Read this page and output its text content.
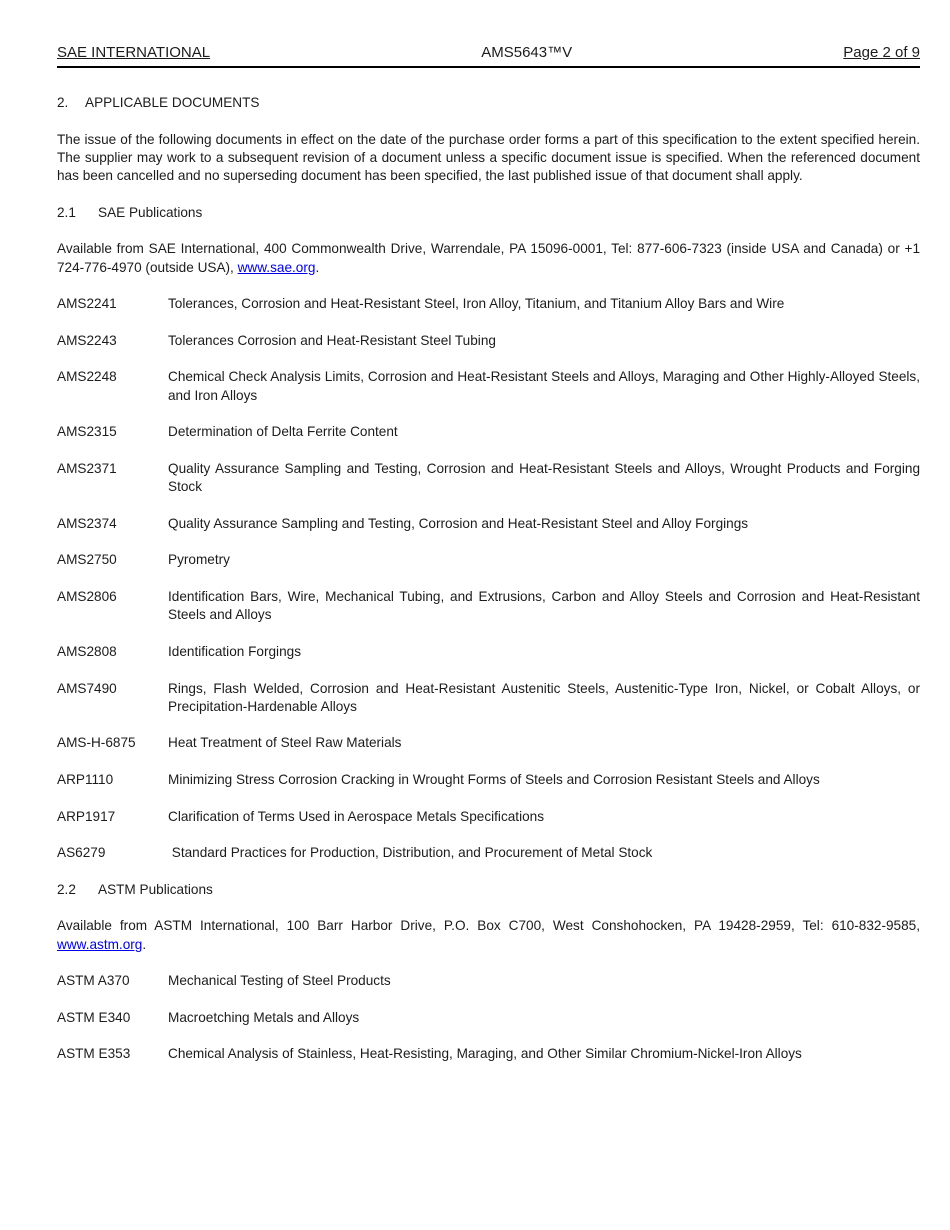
SAE INTERNATIONAL	AMS5643™V	Page 2 of 9
2.	APPLICABLE DOCUMENTS

The issue of the following documents in effect on the date of the purchase order forms a part of this specification to the extent specified herein. The supplier may work to a subsequent revision of a document unless a specific document issue is specified. When the referenced document has been cancelled and no superseding document has been specified, the last published issue of that document shall apply.

2.1	SAE Publications

Available from SAE International, 400 Commonwealth Drive, Warrendale, PA 15096-0001, Tel: 877-606-7323 (inside USA and Canada) or +1 724-776-4970 (outside USA), www.sae.org.

AMS2241	Tolerances, Corrosion and Heat-Resistant Steel, Iron Alloy, Titanium, and Titanium Alloy Bars and Wire
AMS2243	Tolerances Corrosion and Heat-Resistant Steel Tubing
AMS2248	Chemical Check Analysis Limits, Corrosion and Heat-Resistant Steels and Alloys, Maraging and Other Highly-Alloyed Steels, and Iron Alloys
AMS2315	Determination of Delta Ferrite Content
AMS2371	Quality Assurance Sampling and Testing, Corrosion and Heat-Resistant Steels and Alloys, Wrought Products and Forging Stock
AMS2374	Quality Assurance Sampling and Testing, Corrosion and Heat-Resistant Steel and Alloy Forgings
AMS2750	Pyrometry
AMS2806	Identification Bars, Wire, Mechanical Tubing, and Extrusions, Carbon and Alloy Steels and Corrosion and Heat-Resistant Steels and Alloys
AMS2808	Identification Forgings
AMS7490	Rings, Flash Welded, Corrosion and Heat-Resistant Austenitic Steels, Austenitic-Type Iron, Nickel, or Cobalt Alloys, or Precipitation-Hardenable Alloys
AMS-H-6875	Heat Treatment of Steel Raw Materials
ARP1110	Minimizing Stress Corrosion Cracking in Wrought Forms of Steels and Corrosion Resistant Steels and Alloys
ARP1917	Clarification of Terms Used in Aerospace Metals Specifications
AS6279	Standard Practices for Production, Distribution, and Procurement of Metal Stock
2.2	ASTM Publications

Available from ASTM International, 100 Barr Harbor Drive, P.O. Box C700, West Conshohocken, PA 19428-2959, Tel: 610-832-9585, www.astm.org.

ASTM A370	Mechanical Testing of Steel Products
ASTM E340	Macroetching Metals and Alloys
ASTM E353	Chemical Analysis of Stainless, Heat-Resisting, Maraging, and Other Similar Chromium-Nickel-Iron Alloys
